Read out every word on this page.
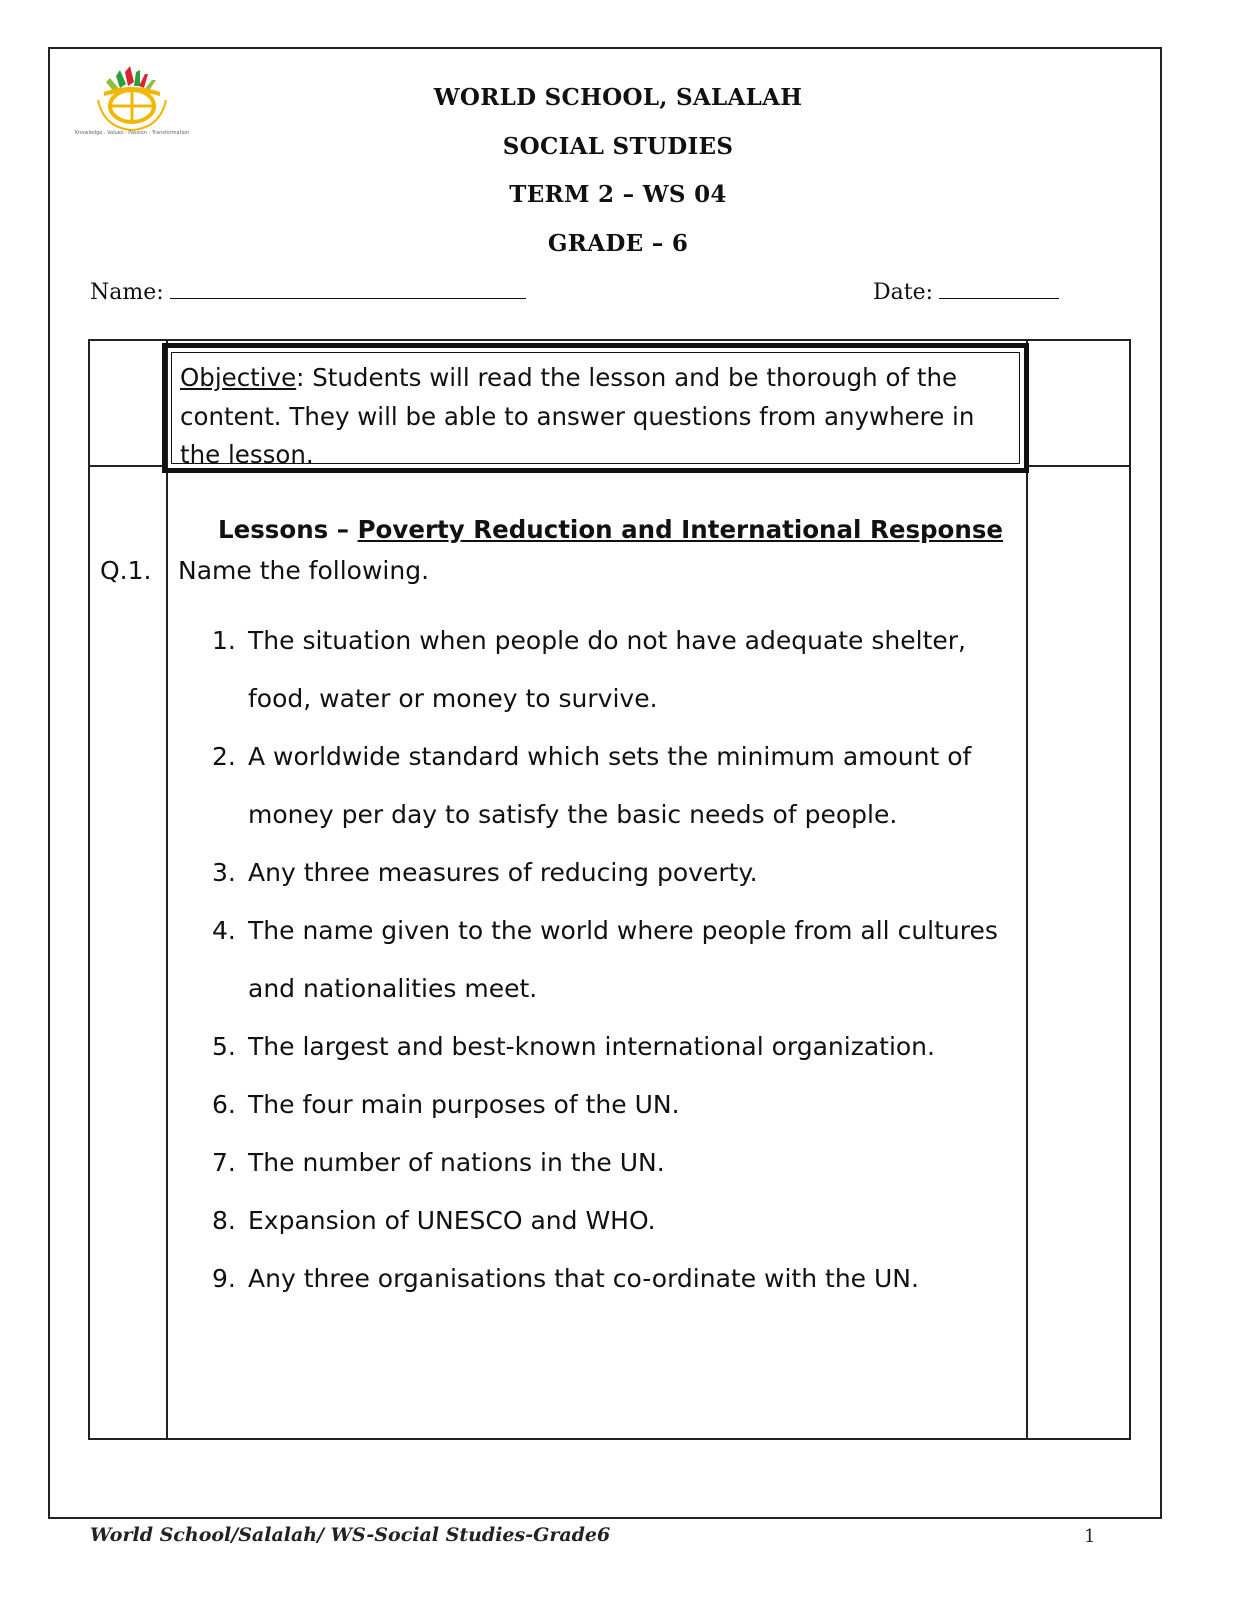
Knowledge · Values · Passion · Transformation
WORLD SCHOOL, SALALAH
SOCIAL STUDIES
TERM 2 – WS 04
GRADE – 6
Name:	Date:
Objective: Students will read the lesson and be thorough of the
content. They will be able to answer questions from anywhere in
the lesson.
Lessons – Poverty Reduction and International Response
Q.1. Name the following.
1. The situation when people do not have adequate shelter,
food, water or money to survive.
2. A worldwide standard which sets the minimum amount of
money per day to satisfy the basic needs of people.
3. Any three measures of reducing poverty.
4. The name given to the world where people from all cultures
and nationalities meet.
5. The largest and best-known international organization.
6. The four main purposes of the UN.
7. The number of nations in the UN.
8. Expansion of UNESCO and WHO.
9. Any three organisations that co-ordinate with the UN.
World School/Salalah/ WS-Social Studies-Grade6	1
